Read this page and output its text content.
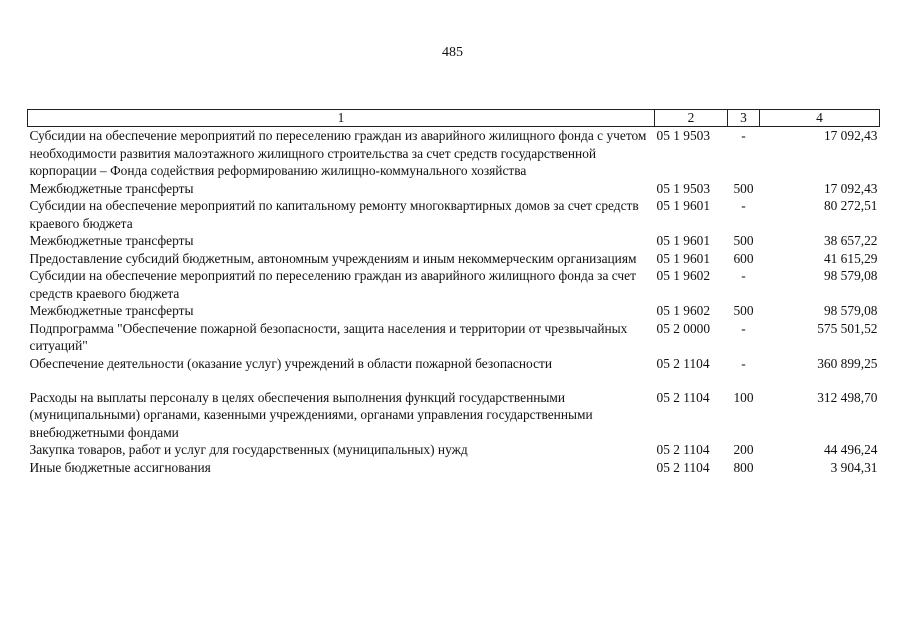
485
1	2	3	4
Субсидии на обеспечение мероприятий по переселению граждан из аварийного жилищного фонда с учетом необходимости развития малоэтажного жилищного строительства за счет средств государственной корпорации – Фонда содействия реформированию жилищно-коммунального хозяйства	05 1 9503	-	17 092,43
Межбюджетные трансферты	05 1 9503	500	17 092,43
Субсидии на обеспечение мероприятий по капитальному ремонту многоквартирных домов за счет средств краевого бюджета	05 1 9601	-	80 272,51
Межбюджетные трансферты	05 1 9601	500	38 657,22
Предоставление субсидий бюджетным, автономным учреждениям и иным некоммерческим организациям	05 1 9601	600	41 615,29
Субсидии на обеспечение мероприятий по переселению граждан из аварийного жилищного фонда за счет средств краевого бюджета	05 1 9602	-	98 579,08
Межбюджетные трансферты	05 1 9602	500	98 579,08
Подпрограмма "Обеспечение пожарной безопасности, защита населения и территории от чрезвычайных ситуаций"	05 2 0000	-	575 501,52
Обеспечение деятельности (оказание услуг) учреждений в области пожарной безопасности	05 2 1104	-	360 899,25
Расходы на выплаты персоналу в целях обеспечения выполнения функций государственными (муниципальными) органами, казенными учреждениями, органами управления государственными внебюджетными фондами	05 2 1104	100	312 498,70
Закупка товаров, работ и услуг для государственных (муниципальных) нужд	05 2 1104	200	44 496,24
Иные бюджетные ассигнования	05 2 1104	800	3 904,31
